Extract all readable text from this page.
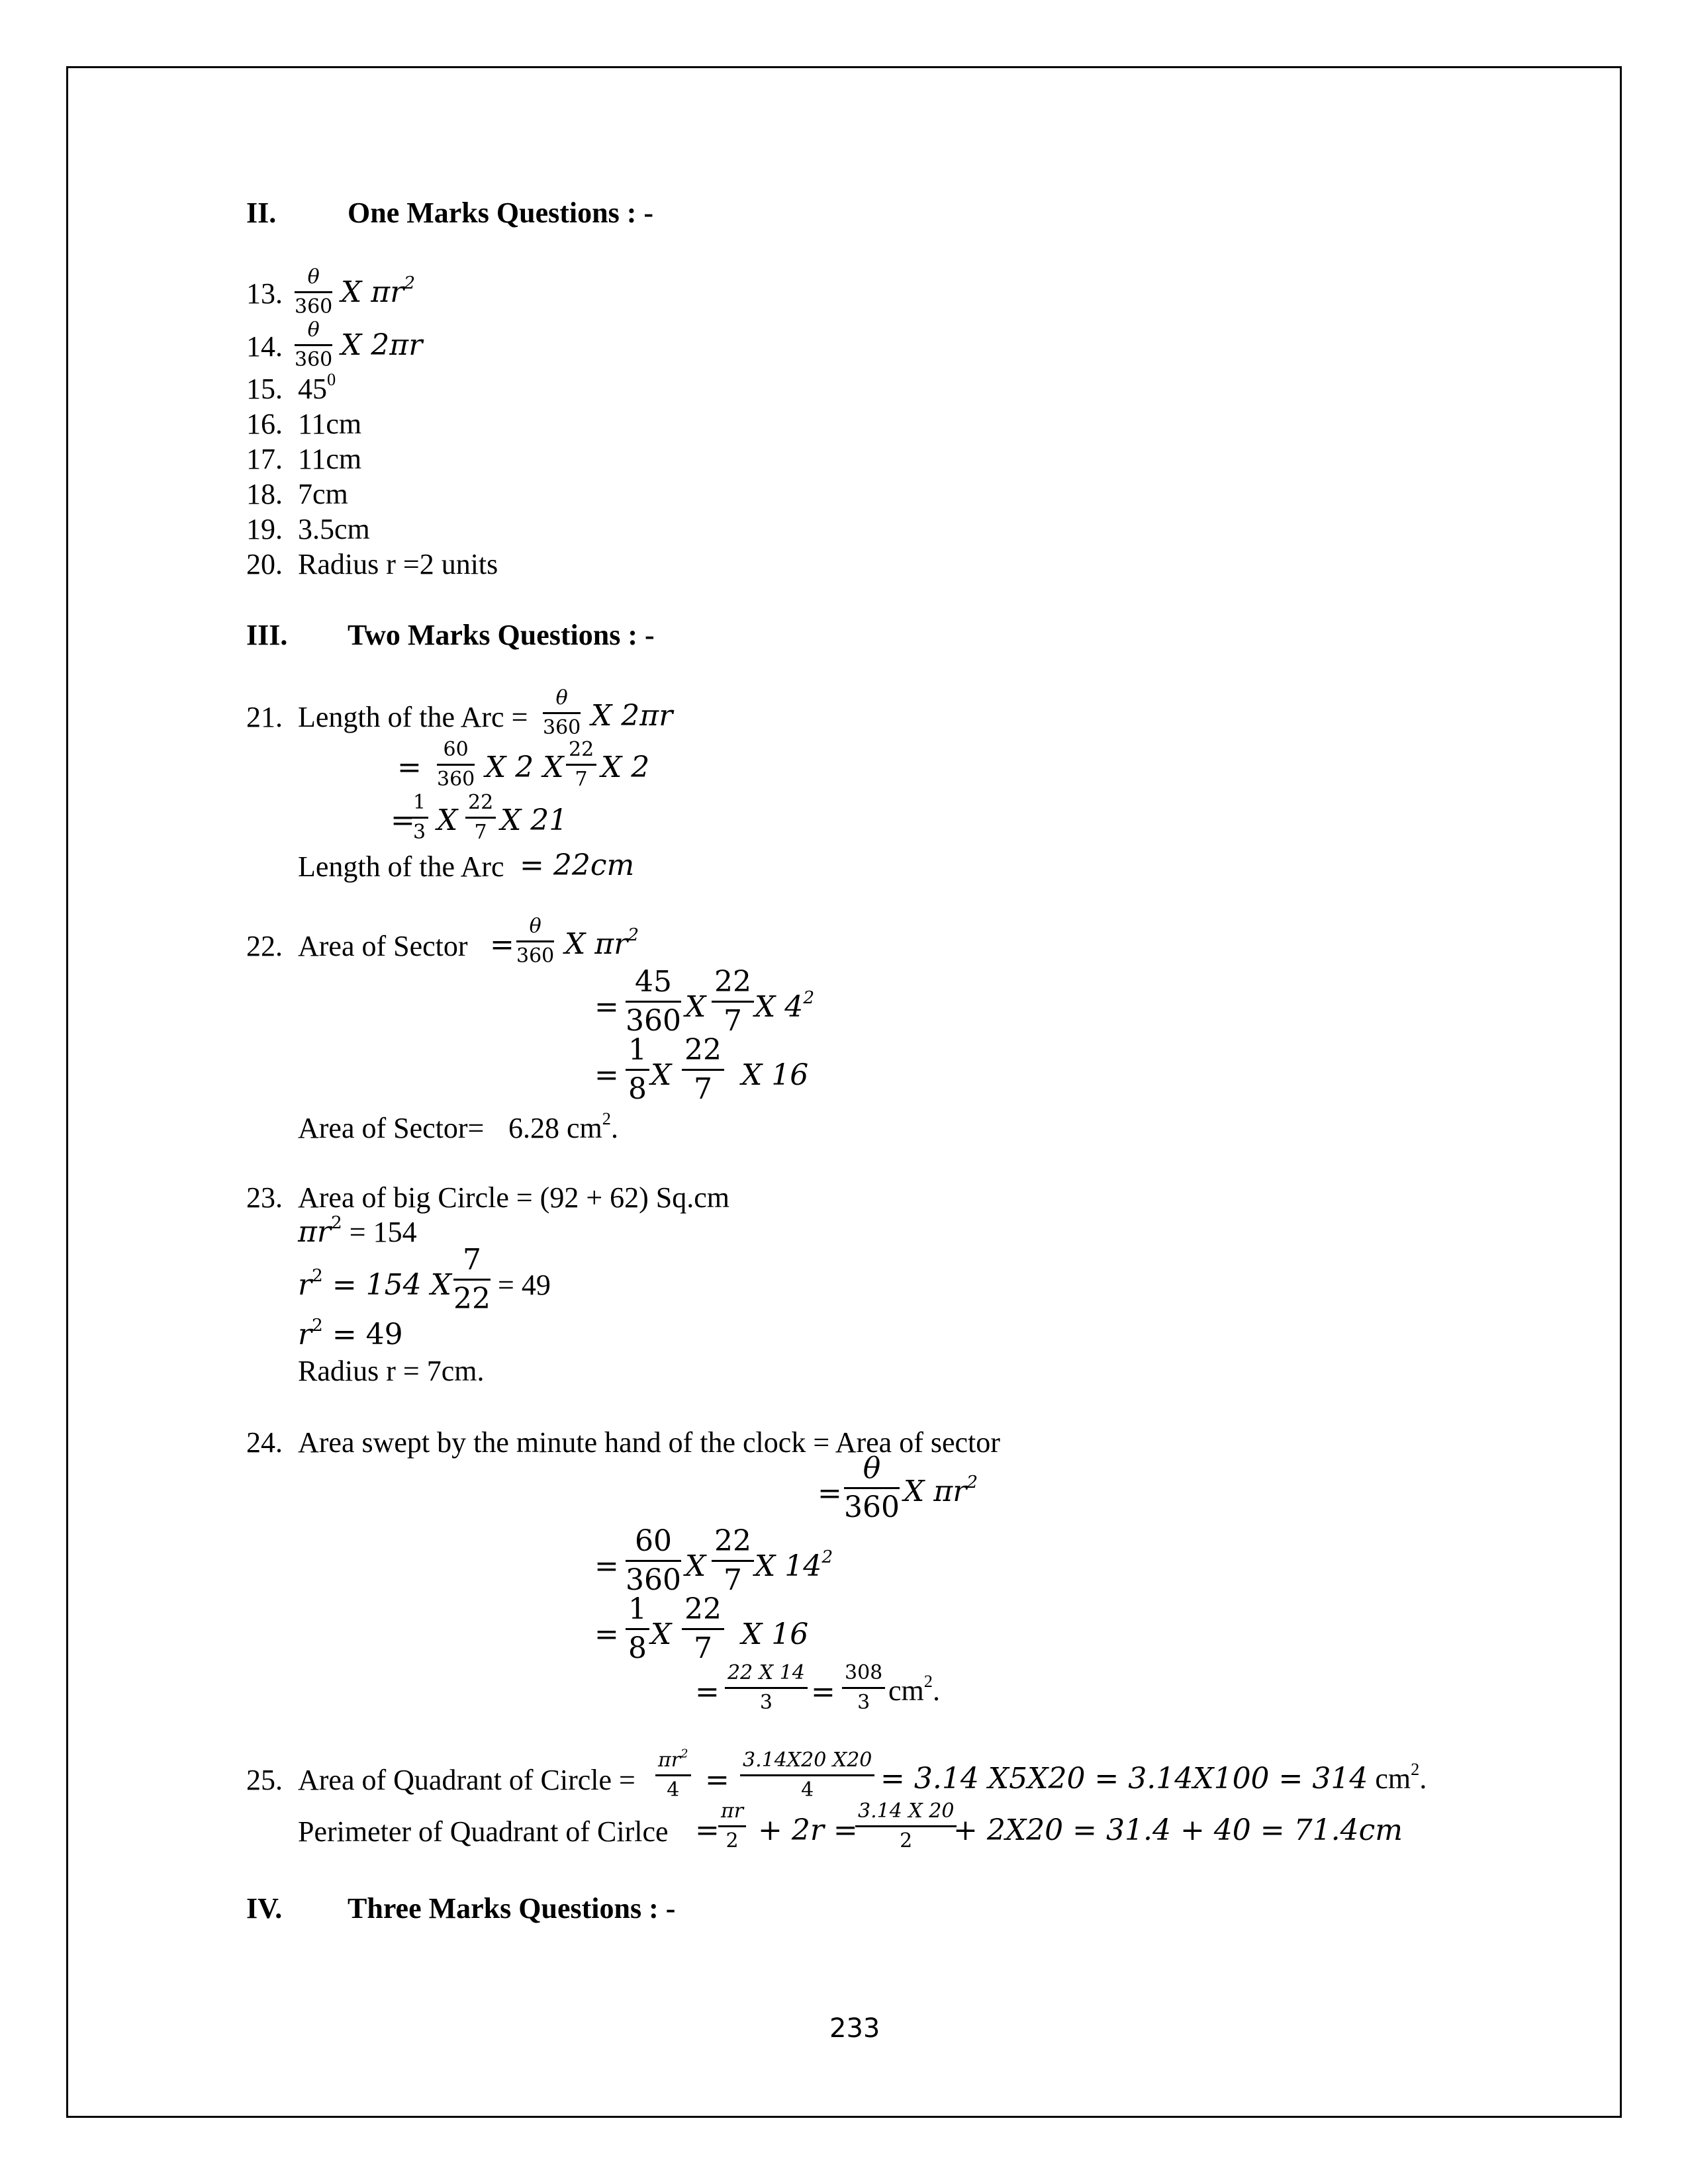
II. One Marks Questions : -
13. $\frac{\theta}{360}$ X $\pi r^2$
14. $\frac{\theta}{360}$ X 2πr
15. $45^0$
16. 11cm
17. 11cm
18. 7cm
19. 3.5cm
20. Radius r =2 units
III. Two Marks Questions : -
21. Length of the Arc = $\frac{\theta}{360}$ X 2πr
= $\frac{60}{360}$ X 2 X $\frac{22}{7}$ X 2
=
$\frac{1}{3}$ X $\frac{22}{7}$ X 21
Length of the Arc = 22cm
22. Area of Sector = $\frac{\theta}{360}$ X $\pi r^2$
= $\frac{45}{360}$ X $\frac{22}{7}$ X $4^2$
= $\frac{1}{8}$ X $\frac{22}{7}$ X 16
Area of Sector= 6.28 $cm^2$.
23. Area of big Circle = (92 + 62) Sq.cm
$\pi r^2 = 154$
$r^2 = 154$ X $\frac{7}{22} = 49$
$r^2 = 49$
Radius r = 7cm.
24. Area swept by the minute hand of the clock = Area of sector
= $\frac{\theta}{360}$ X $\pi r^2$
= $\frac{60}{360}$ X $\frac{22}{7}$ X $14^2$
= $\frac{1}{8}$ X $\frac{22}{7}$ X 16
= $\frac{22 X 14}{3} = \frac{308}{3} cm^2$.
25. Area of Quadrant of Circle = $\frac{\pi r^2}{4} = \frac{3.14X20 X20}{4} = 3.14$ X5X20 = 3.14X100 = 314 $cm^2$.
Perimeter of Quadrant of Cirlce =
$\frac{\pi r}{2} + 2r$ =
$\frac{3.14 X 20}{2}$
+ 2X20 = 31.4 + 40 = 71.4cm
IV. Three Marks Questions : -
233
